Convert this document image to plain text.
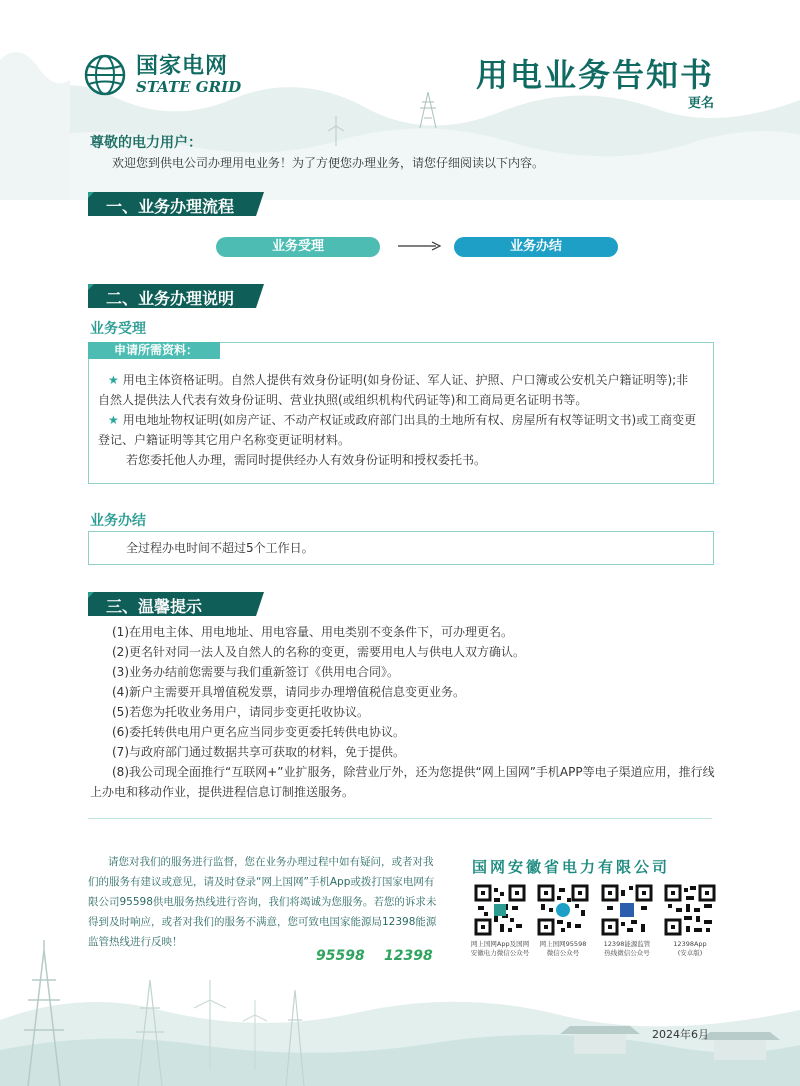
国家电网
STATE GRID	用电业务告知书
更名
尊敬的电力用户：
欢迎您到供电公司办理用电业务！为了方便您办理业务，请您仔细阅读以下内容。
一、业务办理流程
业务受理	业务办结
二、业务办理说明
业务受理
申请所需资料：
★ 用电主体资格证明。自然人提供有效身份证明(如身份证、军人证、护照、户口簿或公安机关户籍证明等);非自然人提供法人代表有效身份证明、营业执照(或组织机构代码证等)和工商局更名证明书等。
★ 用电地址物权证明(如房产证、不动产权证或政府部门出具的土地所有权、房屋所有权等证明文书)或工商变更登记、户籍证明等其它用户名称变更证明材料。
若您委托他人办理，需同时提供经办人有效身份证明和授权委托书。
业务办结
全过程办电时间不超过5个工作日。
三、温馨提示
(1)在用电主体、用电地址、用电容量、用电类别不变条件下，可办理更名。
(2)更名针对同一法人及自然人的名称的变更，需要用电人与供电人双方确认。
(3)业务办结前您需要与我们重新签订《供用电合同》。
(4)新户主需要开具增值税发票，请同步办理增值税信息变更业务。
(5)若您为托收业务用户，请同步变更托收协议。
(6)委托转供电用户更名应当同步变更委托转供电协议。
(7)与政府部门通过数据共享可获取的材料，免于提供。
(8)我公司现全面推行“互联网+”业扩服务，除营业厅外，还为您提供“网上国网”手机APP等电子渠道应用，推行线上办电和移动作业，提供进程信息订制推送服务。
请您对我们的服务进行监督，您在业务办理过程中如有疑问，或者对我们的服务有建议或意见，请及时登录“网上国网”手机App或拨打国家电网有限公司95598供电服务热线进行咨询，我们将竭诚为您服务。若您的诉求未得到及时响应，或者对我们的服务不满意，您可致电国家能源局12398能源监管热线进行反映！
国网安徽省电力有限公司
网上国网App及国网
安徽电力微信公众号
网上国网95598
微信公众号
12398能源监管
热线微信公众号
12398App
(安卓版)
95598 12398
2024年6月
